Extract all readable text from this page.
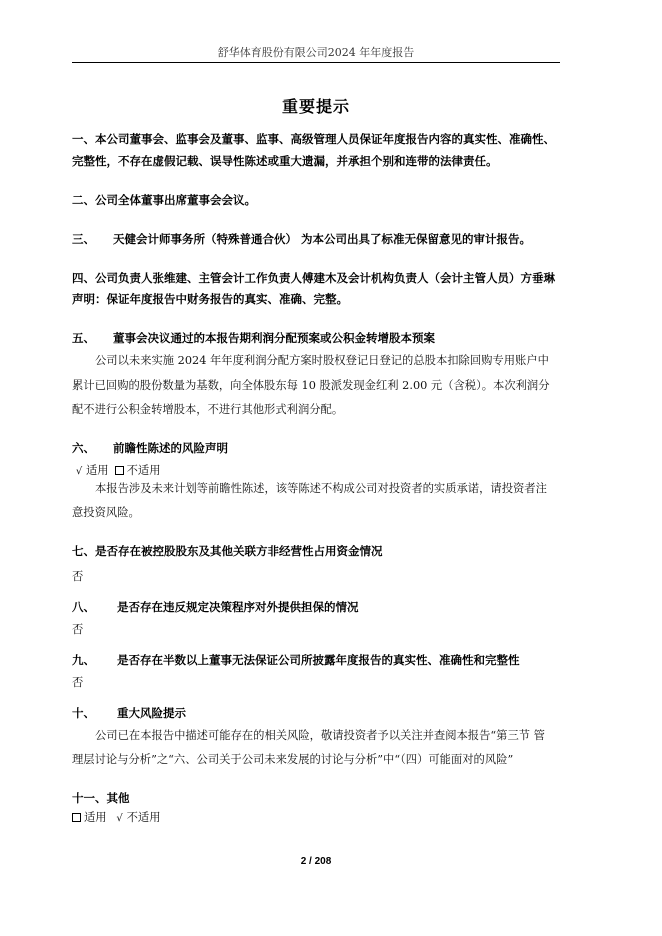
舒华体育股份有限公司2024 年年度报告
重要提示
一、本公司董事会、监事会及董事、监事、高级管理人员保证年度报告内容的真实性、准确性、
完整性，不存在虚假记载、误导性陈述或重大遗漏，并承担个别和连带的法律责任。
二、公司全体董事出席董事会会议。
三、 天健会计师事务所（特殊普通合伙） 为本公司出具了标准无保留意见的审计报告。
四、公司负责人张维建、主管会计工作负责人傅建木及会计机构负责人（会计主管人员）方垂琳
声明：保证年度报告中财务报告的真实、准确、完整。
五、 董事会决议通过的本报告期利润分配预案或公积金转增股本预案
公司以未来实施 2024 年年度利润分配方案时股权登记日登记的总股本扣除回购专用账户中
累计已回购的股份数量为基数，向全体股东每 10 股派发现金红利 2.00 元（含税）。本次利润分
配不进行公积金转增股本，不进行其他形式利润分配。
六、 前瞻性陈述的风险声明
√ 适用 不适用
本报告涉及未来计划等前瞻性陈述，该等陈述不构成公司对投资者的实质承诺，请投资者注
意投资风险。
七、是否存在被控股股东及其他关联方非经营性占用资金情况
否
八、 是否存在违反规定决策程序对外提供担保的情况
否
九、 是否存在半数以上董事无法保证公司所披露年度报告的真实性、准确性和完整性
否
十、 重大风险提示
公司已在本报告中描述可能存在的相关风险，敬请投资者予以关注并查阅本报告“第三节 管
理层讨论与分析”之“六、公司关于公司未来发展的讨论与分析”中“（四）可能面对的风险”
十一、其他
适用 √ 不适用
2 / 208
